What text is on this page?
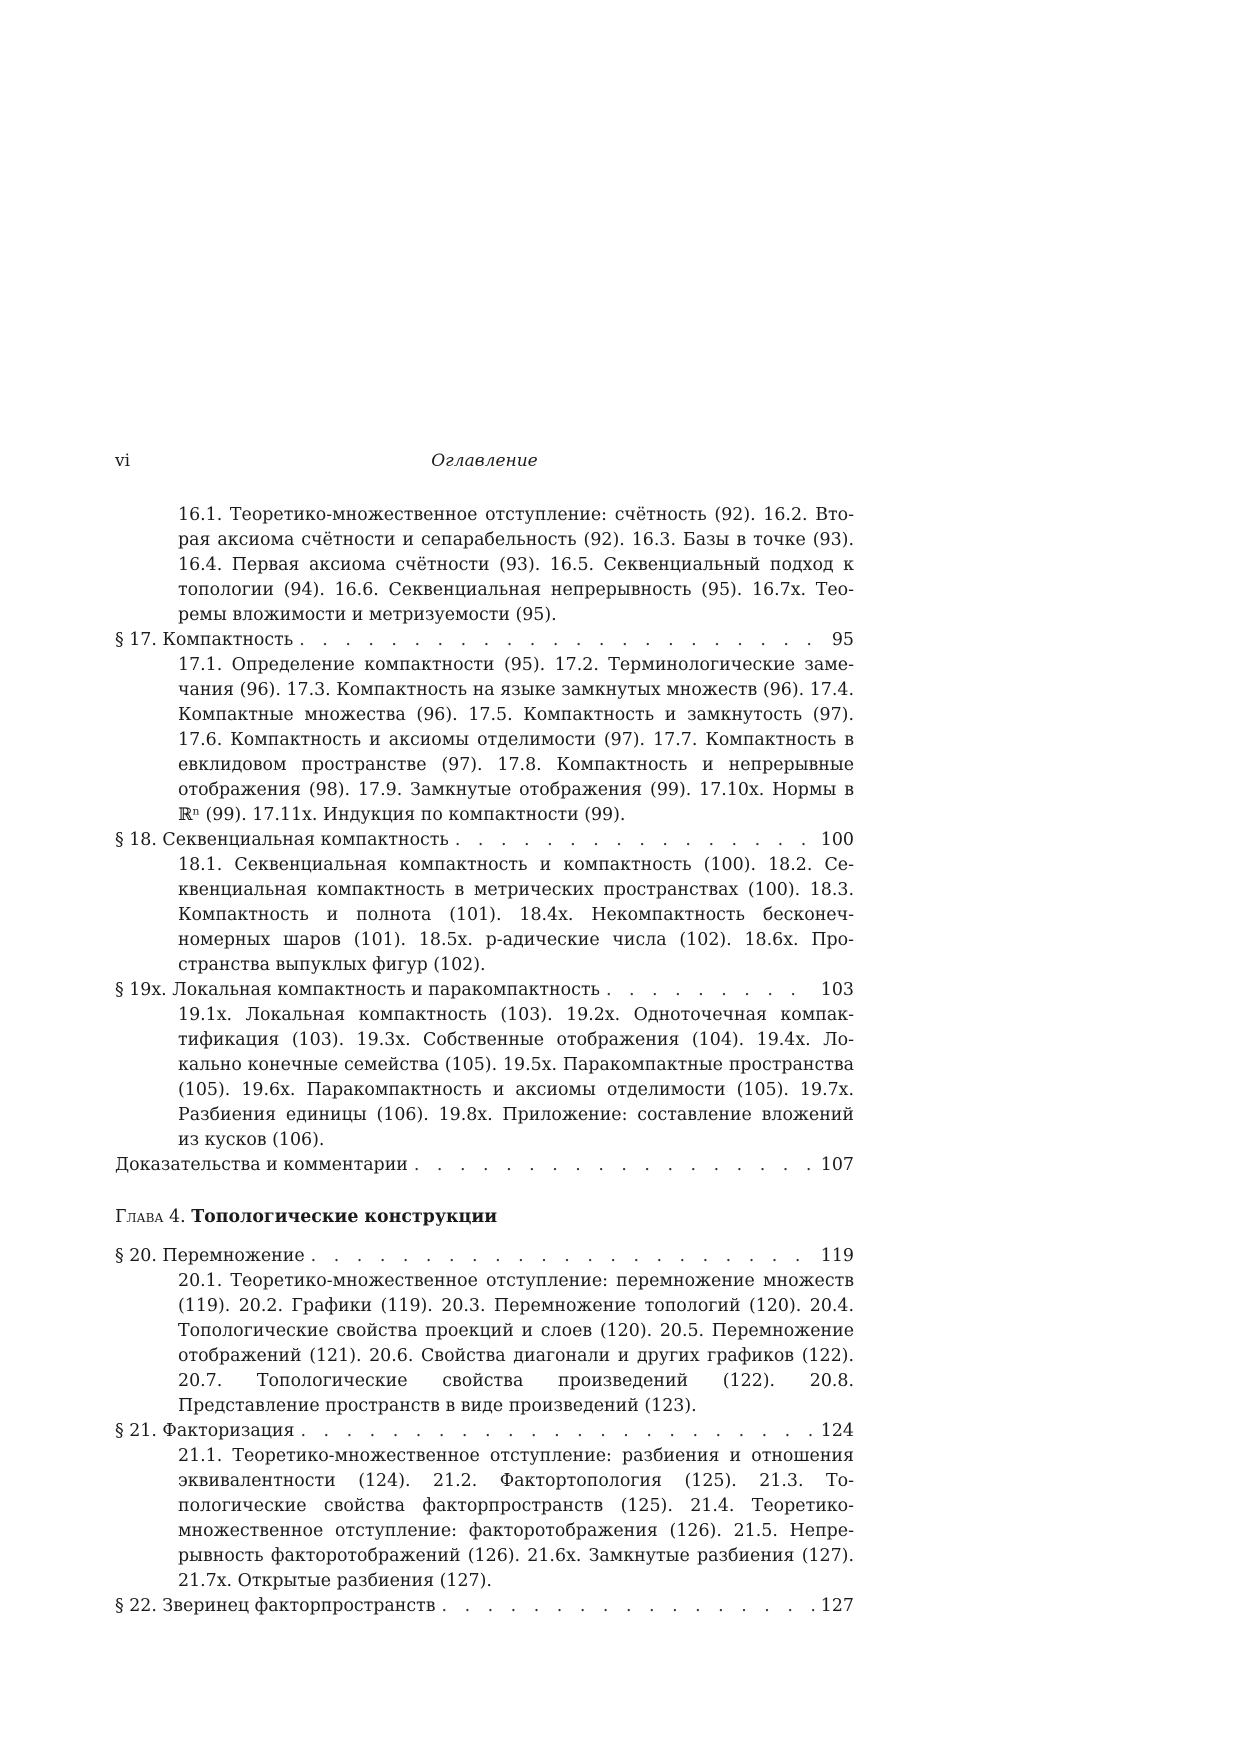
vi	Оглавление
16.1. Теоретико-множественное отступление: счётность (92). 16.2. Вторая аксиома счётности и сепарабельность (92). 16.3. Базы в точке (93). 16.4. Первая аксиома счётности (93). 16.5. Секвенциальный подход к топологии (94). 16.6. Секвенциальная непрерывность (95). 16.7x. Теоремы вложимости и метризуемости (95).
§ 17. Компактность . . .	95
17.1. Определение компактности (95). 17.2. Терминологические замечания (96). 17.3. Компактность на языке замкнутых множеств (96). 17.4. Компактные множества (96). 17.5. Компактность и замкнутость (97). 17.6. Компактность и аксиомы отделимости (97). 17.7. Компактность в евклидовом пространстве (97). 17.8. Компактность и непрерывные отображения (98). 17.9. Замкнутые отображения (99). 17.10x. Нормы в ℝⁿ (99). 17.11x. Индукция по компактности (99).
§ 18. Секвенциальная компактность . . .	100
18.1. Секвенциальная компактность и компактность (100). 18.2. Секвенциальная компактность в метрических пространствах (100). 18.3. Компактность и полнота (101). 18.4x. Некомпактность бесконечномерных шаров (101). 18.5x. p-адические числа (102). 18.6x. Пространства выпуклых фигур (102).
§ 19x. Локальная компактность и паракомпактность . . .	103
19.1x. Локальная компактность (103). 19.2x. Одноточечная компактификация (103). 19.3x. Собственные отображения (104). 19.4x. Локально конечные семейства (105). 19.5x. Паракомпактные пространства (105). 19.6x. Паракомпактность и аксиомы отделимости (105). 19.7x. Разбиения единицы (106). 19.8x. Приложение: составление вложений из кусков (106).
Доказательства и комментарии . . .	107
Глава 4. Топологические конструкции
§ 20. Перемножение . . .	119
20.1. Теоретико-множественное отступление: перемножение множеств (119). 20.2. Графики (119). 20.3. Перемножение топологий (120). 20.4. Топологические свойства проекций и слоев (120). 20.5. Перемножение отображений (121). 20.6. Свойства диагонали и других графиков (122). 20.7. Топологические свойства произведений (122). 20.8. Представление пространств в виде произведений (123).
§ 21. Факторизация . . .	124
21.1. Теоретико-множественное отступление: разбиения и отношения эквивалентности (124). 21.2. Фактортопология (125). 21.3. Топологические свойства факторпространств (125). 21.4. Теоретико-множественное отступление: факторотображения (126). 21.5. Непрерывность факторотображений (126). 21.6x. Замкнутые разбиения (127). 21.7x. Открытые разбиения (127).
§ 22. Зверинец факторпространств . . .	127
